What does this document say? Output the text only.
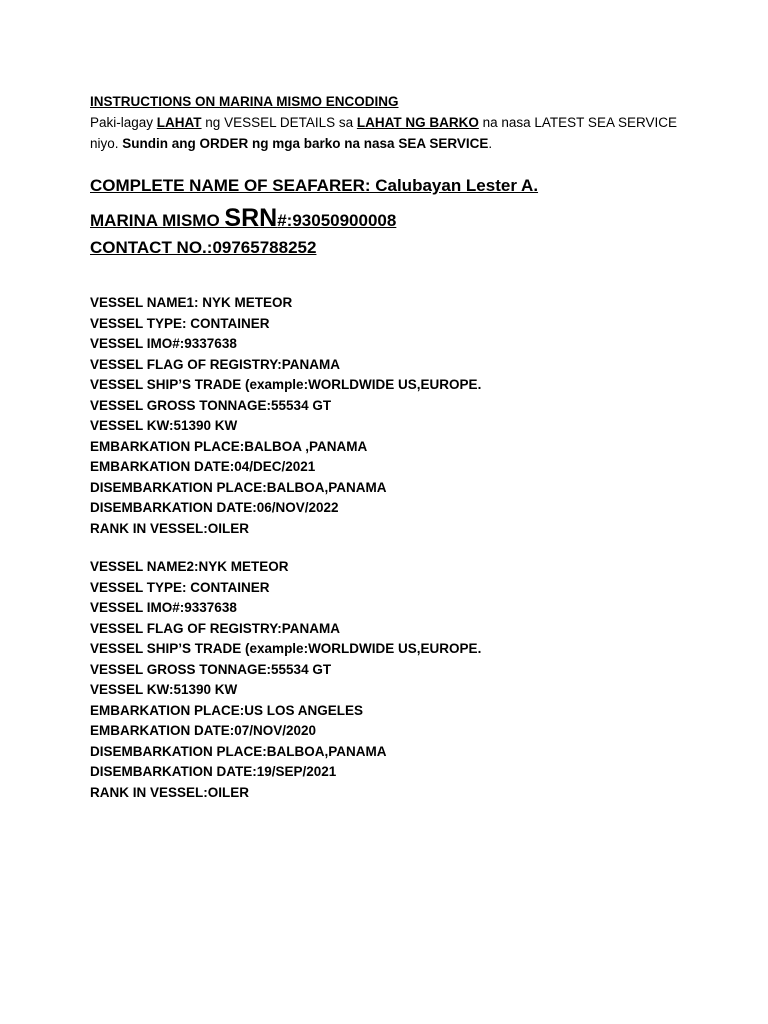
INSTRUCTIONS ON MARINA MISMO ENCODING

Paki-lagay LAHAT ng VESSEL DETAILS sa LAHAT NG BARKO na nasa LATEST SEA SERVICE

niyo. Sundin ang ORDER ng mga barko na nasa SEA SERVICE.

COMPLETE NAME OF SEAFARER: Calubayan Lester A.
MARINA MISMO SRN#:93050900008
CONTACT NO.:09765788252

VESSEL NAME1: NYK METEOR

VESSEL TYPE: CONTAINER

VESSEL IMO#:9337638

VESSEL FLAG OF REGISTRY:PANAMA

VESSEL SHIP’S TRADE (example:WORLDWIDE US,EUROPE.

VESSEL GROSS TONNAGE:55534 GT

VESSEL KW:51390 KW

EMBARKATION PLACE:BALBOA ,PANAMA

EMBARKATION DATE:04/DEC/2021

DISEMBARKATION PLACE:BALBOA,PANAMA

DISEMBARKATION DATE:06/NOV/2022

RANK IN VESSEL:OILER

VESSEL NAME2:NYK METEOR

VESSEL TYPE: CONTAINER

VESSEL IMO#:9337638

VESSEL FLAG OF REGISTRY:PANAMA

VESSEL SHIP’S TRADE (example:WORLDWIDE US,EUROPE.

VESSEL GROSS TONNAGE:55534 GT

VESSEL KW:51390 KW

EMBARKATION PLACE:US LOS ANGELES

EMBARKATION DATE:07/NOV/2020

DISEMBARKATION PLACE:BALBOA,PANAMA

DISEMBARKATION DATE:19/SEP/2021

RANK IN VESSEL:OILER
